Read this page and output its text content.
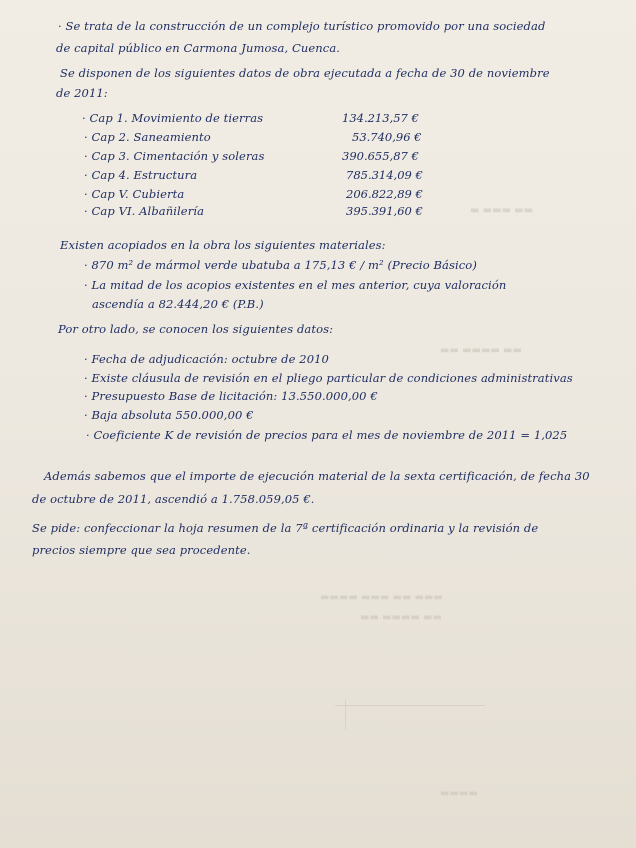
▬ ▬▬▬ ▬▬
▬▬ ▬▬▬▬ ▬▬
▬▬▬▬ ▬▬▬ ▬▬ ▬▬▬
▬▬ ▬▬▬▬ ▬▬
▬▬▬▬
· Se trata de la construcción de un complejo turístico promovido por una sociedad
de capital público en Carmona Jumosa, Cuenca.
Se disponen de los siguientes datos de obra ejecutada a fecha de 30 de noviembre
de 2011:
· Cap 1. Movimiento de tierras	134.213,57 €
· Cap 2. Saneamiento	53.740,96 €
· Cap 3. Cimentación y soleras	390.655,87 €
· Cap 4. Estructura	785.314,09 €
· Cap V. Cubierta	206.822,89 €
· Cap VI. Albañilería	395.391,60 €
Existen acopiados en la obra los siguientes materiales:
· 870 m² de mármol verde ubatuba a 175,13 € / m² (Precio Básico)
· La mitad de los acopios existentes en el mes anterior, cuya valoración
ascendía a 82.444,20 € (P.B.)
Por otro lado, se conocen los siguientes datos:
· Fecha de adjudicación: octubre de 2010
· Existe cláusula de revisión en el pliego particular de condiciones administrativas
· Presupuesto Base de licitación: 13.550.000,00 €
· Baja absoluta 550.000,00 €
· Coeficiente K de revisión de precios para el mes de noviembre de 2011 = 1,025
Además sabemos que el importe de ejecución material de la sexta certificación, de fecha 30
de octubre de 2011, ascendió a 1.758.059,05 €.
Se pide: confeccionar la hoja resumen de la 7ª certificación ordinaria y la revisión de
precios siempre que sea procedente.
